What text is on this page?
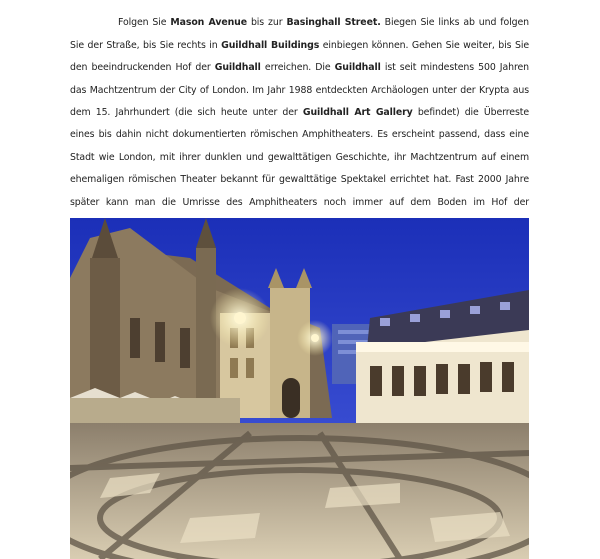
Folgen Sie Mason Avenue bis zur Basinghall Street. Biegen Sie links ab und folgen Sie der Straße, bis Sie rechts in Guildhall Buildings einbiegen können. Gehen Sie weiter, bis Sie den beeindruckenden Hof der Guildhall erreichen. Die Guildhall ist seit mindestens 500 Jahren das Machtzentrum der City of London. Im Jahr 1988 entdeckten Archäologen unter der Krypta aus dem 15. Jahrhundert (die sich heute unter der Guildhall Art Gallery befindet) die Überreste eines bis dahin nicht dokumentierten römischen Amphitheaters. Es erscheint passend, dass eine Stadt wie London, mit ihrer dunklen und gewalttätigen Geschichte, ihr Machtzentrum auf einem ehemaligen römischen Theater bekannt für gewalttätige Spektakel errichtet hat. Fast 2000 Jahre später kann man die Umrisse des Amphitheaters noch immer auf dem Boden im Hof der
